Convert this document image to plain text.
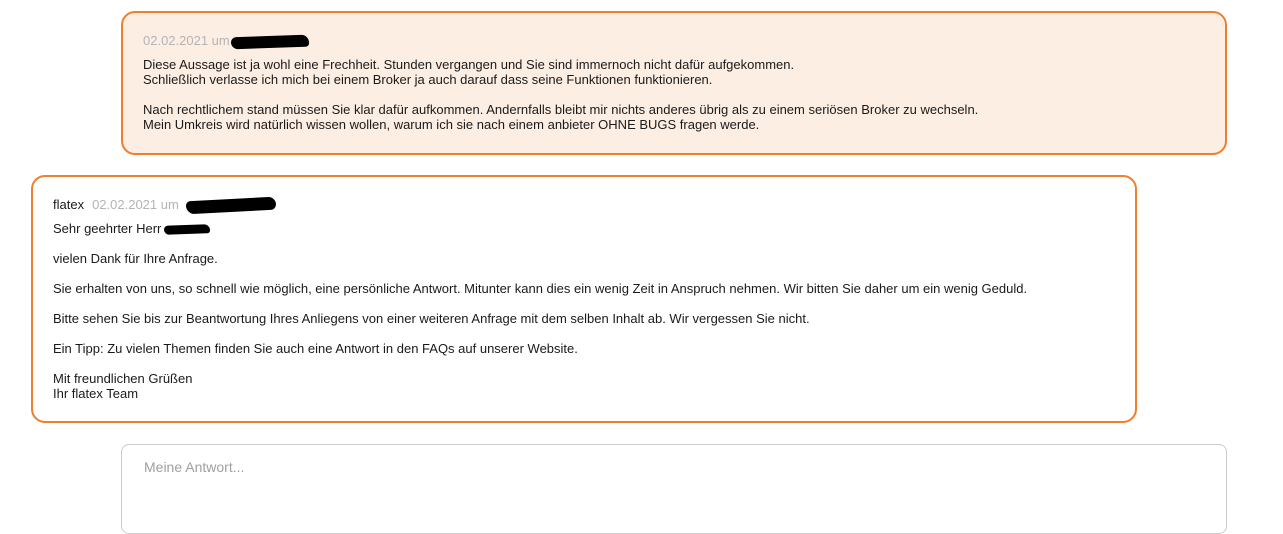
02.02.2021 um
Diese Aussage ist ja wohl eine Frechheit. Stunden vergangen und Sie sind immernoch nicht dafür aufgekommen.
Schließlich verlasse ich mich bei einem Broker ja auch darauf dass seine Funktionen funktionieren.
Nach rechtlichem stand müssen Sie klar dafür aufkommen. Andernfalls bleibt mir nichts anderes übrig als zu einem seriösen Broker zu wechseln.
Mein Umkreis wird natürlich wissen wollen, warum ich sie nach einem anbieter OHNE BUGS fragen werde.
flatex 02.02.2021 um
Sehr geehrter Herr
vielen Dank für Ihre Anfrage.
Sie erhalten von uns, so schnell wie möglich, eine persönliche Antwort. Mitunter kann dies ein wenig Zeit in Anspruch nehmen. Wir bitten Sie daher um ein wenig Geduld.
Bitte sehen Sie bis zur Beantwortung Ihres Anliegens von einer weiteren Anfrage mit dem selben Inhalt ab. Wir vergessen Sie nicht.
Ein Tipp: Zu vielen Themen finden Sie auch eine Antwort in den FAQs auf unserer Website.
Mit freundlichen Grüßen
Ihr flatex Team
Meine Antwort...
